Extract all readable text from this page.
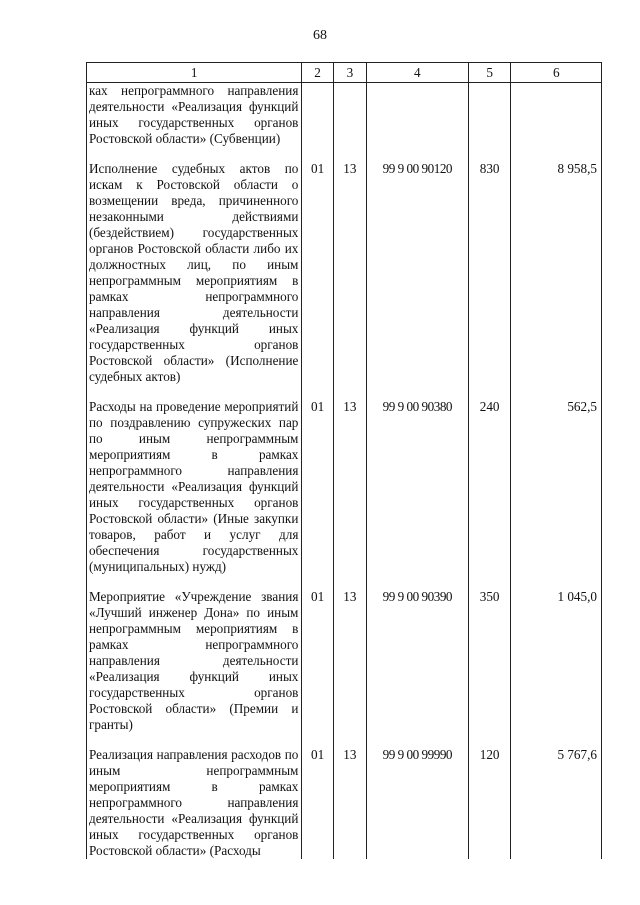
68
1	2	3	4	5	6
ках непрограммного направления деятельности «Реализация функций иных государственных органов Ростовской области» (Субвенции)					

Исполнение судебных актов по искам к Ростовской области о возмещении вреда, причиненного незаконными действиями (бездействием) государственных органов Ростовской области либо их должностных лиц, по иным непрограммным мероприятиям в рамках непрограммного направления деятельности «Реализация функций иных государственных органов Ростовской области» (Исполнение судебных актов)	01	13	99 9 00 90120	830	8 958,5

Расходы на проведение мероприятий по поздравлению супружеских пар по иным непрограммным мероприятиям в рамках непрограммного направления деятельности «Реализация функций иных государственных органов Ростовской области» (Иные закупки товаров, работ и услуг для обеспечения государственных (муниципальных) нужд)	01	13	99 9 00 90380	240	562,5

Мероприятие «Учреждение звания «Лучший инженер Дона» по иным непрограммным мероприятиям в рамках непрограммного направления деятельности «Реализация функций иных государственных органов Ростовской области» (Премии и гранты)	01	13	99 9 00 90390	350	1 045,0

Реализация направления расходов по иным непрограммным мероприятиям в рамках непрограммного направления деятельности «Реализация функций иных государственных органов Ростовской области» (Расходы	01	13	99 9 00 99990	120	5 767,6
